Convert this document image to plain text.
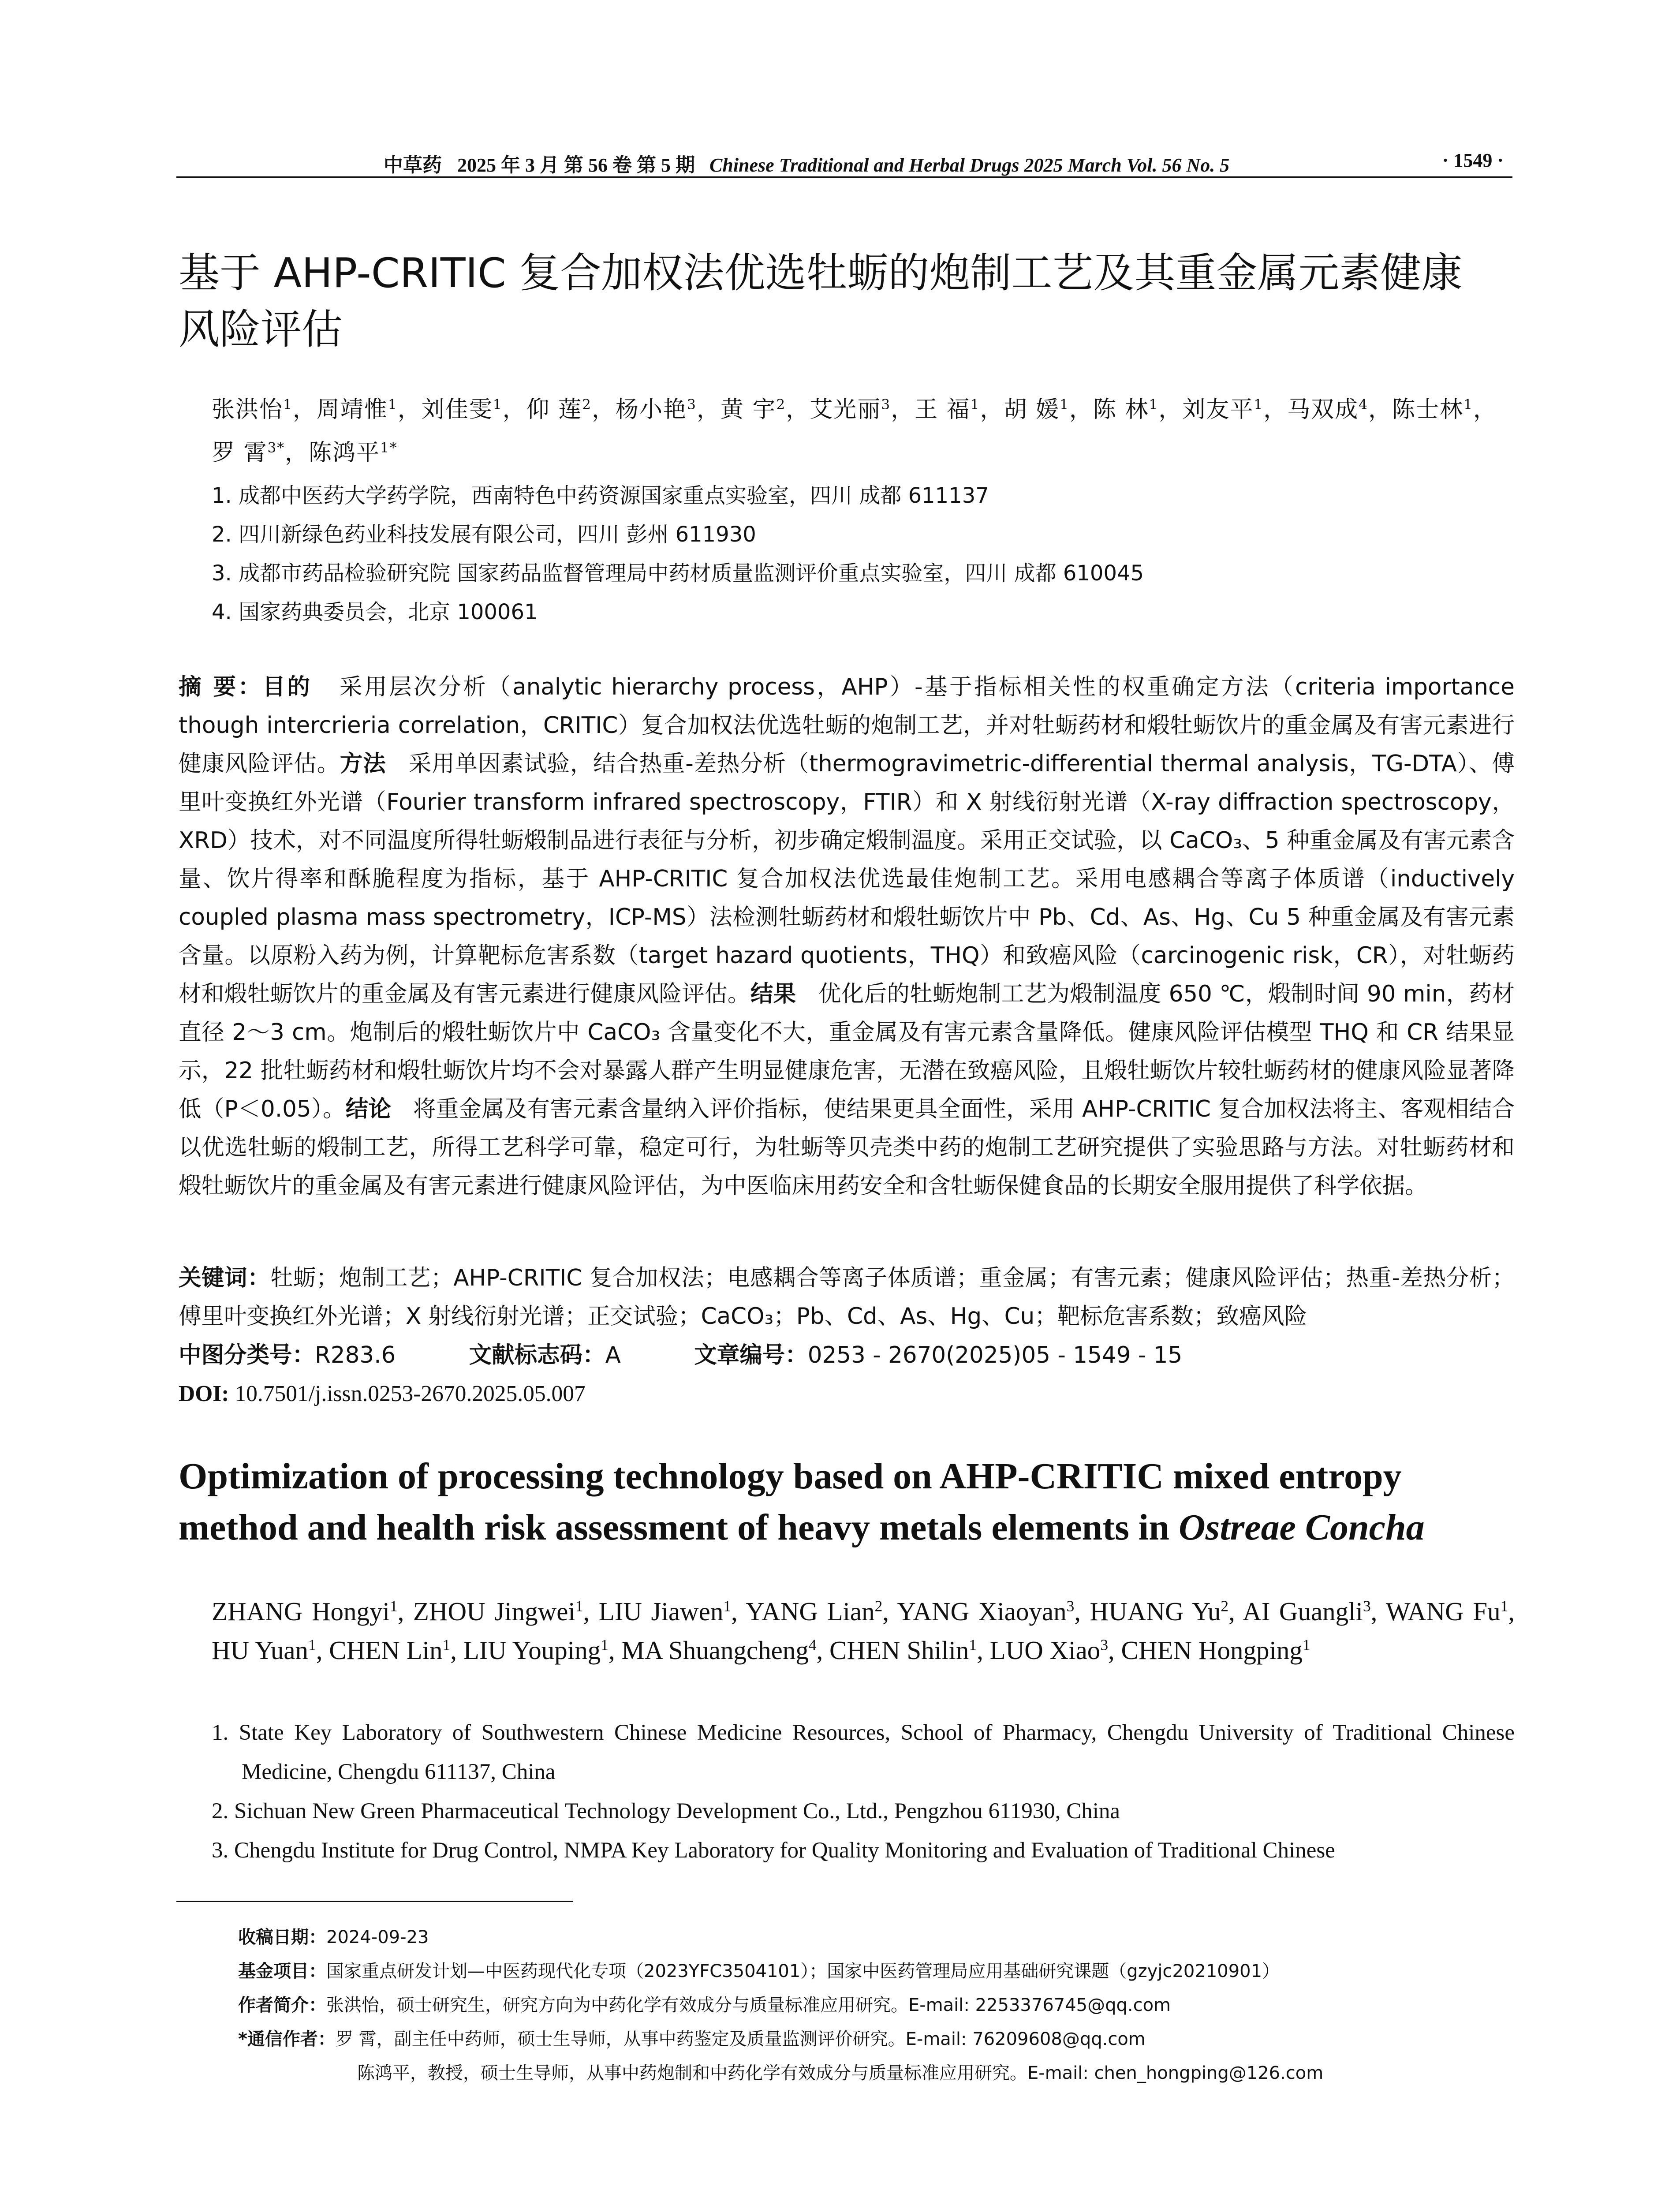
中草药 2025 年 3 月 第 56 卷 第 5 期 Chinese Traditional and Herbal Drugs 2025 March Vol. 56 No. 5	· 1549 ·
基于 AHP-CRITIC 复合加权法优选牡蛎的炮制工艺及其重金属元素健康
风险评估
张洪怡$^1$，周靖惟$^1$，刘佳雯$^1$，仰 莲$^2$，杨小艳$^3$，黄 宇$^2$，艾光丽$^3$，王 福$^1$，胡 媛$^1$，陈 林$^1$，刘友平$^1$，马双成$^4$，陈士林$^1$，罗 霄$^{3*}$，陈鸿平$^{1*}$
1. 成都中医药大学药学院，西南特色中药资源国家重点实验室，四川 成都 611137
2. 四川新绿色药业科技发展有限公司，四川 彭州 611930
3. 成都市药品检验研究院 国家药品监督管理局中药材质量监测评价重点实验室，四川 成都 610045
4. 国家药典委员会，北京 100061
摘 要：目的 采用层次分析（analytic hierarchy process，AHP）-基于指标相关性的权重确定方法（criteria importance though intercrieria correlation，CRITIC）复合加权法优选牡蛎的炮制工艺，并对牡蛎药材和煅牡蛎饮片的重金属及有害元素进行健康风险评估。方法 采用单因素试验，结合热重-差热分析（thermogravimetric-differential thermal analysis，TG-DTA）、傅里叶变换红外光谱（Fourier transform infrared spectroscopy，FTIR）和 X 射线衍射光谱（X-ray diffraction spectroscopy，XRD）技术，对不同温度所得牡蛎煅制品进行表征与分析，初步确定煅制温度。采用正交试验，以 CaCO₃、5 种重金属及有害元素含量、饮片得率和酥脆程度为指标，基于 AHP-CRITIC 复合加权法优选最佳炮制工艺。采用电感耦合等离子体质谱（inductively coupled plasma mass spectrometry，ICP-MS）法检测牡蛎药材和煅牡蛎饮片中 Pb、Cd、As、Hg、Cu 5 种重金属及有害元素含量。以原粉入药为例，计算靶标危害系数（target hazard quotients，THQ）和致癌风险（carcinogenic risk，CR），对牡蛎药材和煅牡蛎饮片的重金属及有害元素进行健康风险评估。结果 优化后的牡蛎炮制工艺为煅制温度 650 ℃，煅制时间 90 min，药材直径 2～3 cm。炮制后的煅牡蛎饮片中 CaCO₃ 含量变化不大，重金属及有害元素含量降低。健康风险评估模型 THQ 和 CR 结果显示，22 批牡蛎药材和煅牡蛎饮片均不会对暴露人群产生明显健康危害，无潜在致癌风险，且煅牡蛎饮片较牡蛎药材的健康风险显著降低（P＜0.05）。结论 将重金属及有害元素含量纳入评价指标，使结果更具全面性，采用 AHP-CRITIC 复合加权法将主、客观相结合以优选牡蛎的煅制工艺，所得工艺科学可靠，稳定可行，为牡蛎等贝壳类中药的炮制工艺研究提供了实验思路与方法。对牡蛎药材和煅牡蛎饮片的重金属及有害元素进行健康风险评估，为中医临床用药安全和含牡蛎保健食品的长期安全服用提供了科学依据。
关键词：牡蛎；炮制工艺；AHP-CRITIC 复合加权法；电感耦合等离子体质谱；重金属；有害元素；健康风险评估；热重-差热分析；傅里叶变换红外光谱；X 射线衍射光谱；正交试验；CaCO₃；Pb、Cd、As、Hg、Cu；靶标危害系数；致癌风险
中图分类号：R283.6	文献标志码：A	文章编号：0253 - 2670(2025)05 - 1549 - 15
DOI: 10.7501/j.issn.0253-2670.2025.05.007
Optimization of processing technology based on AHP-CRITIC mixed entropy
method and health risk assessment of heavy metals elements in Ostreae Concha
ZHANG Hongyi$^1$, ZHOU Jingwei$^1$, LIU Jiawen$^1$, YANG Lian$^2$, YANG Xiaoyan$^3$, HUANG Yu$^2$, AI Guangli$^3$, WANG Fu$^1$, HU Yuan$^1$, CHEN Lin$^1$, LIU Youping$^1$, MA Shuangcheng$^4$, CHEN Shilin$^1$, LUO Xiao$^3$, CHEN Hongping$^1$
1. State Key Laboratory of Southwestern Chinese Medicine Resources, School of Pharmacy, Chengdu University of Traditional Chinese Medicine, Chengdu 611137, China
2. Sichuan New Green Pharmaceutical Technology Development Co., Ltd., Pengzhou 611930, China
3. Chengdu Institute for Drug Control, NMPA Key Laboratory for Quality Monitoring and Evaluation of Traditional Chinese
收稿日期：2024-09-23
基金项目：国家重点研发计划—中医药现代化专项（2023YFC3504101）；国家中医药管理局应用基础研究课题（gzyjc20210901）
作者简介：张洪怡，硕士研究生，研究方向为中药化学有效成分与质量标准应用研究。E-mail: 2253376745@qq.com
*通信作者：罗 霄，副主任中药师，硕士生导师，从事中药鉴定及质量监测评价研究。E-mail: 76209608@qq.com
陈鸿平，教授，硕士生导师，从事中药炮制和中药化学有效成分与质量标准应用研究。E-mail: chen_hongping@126.com
